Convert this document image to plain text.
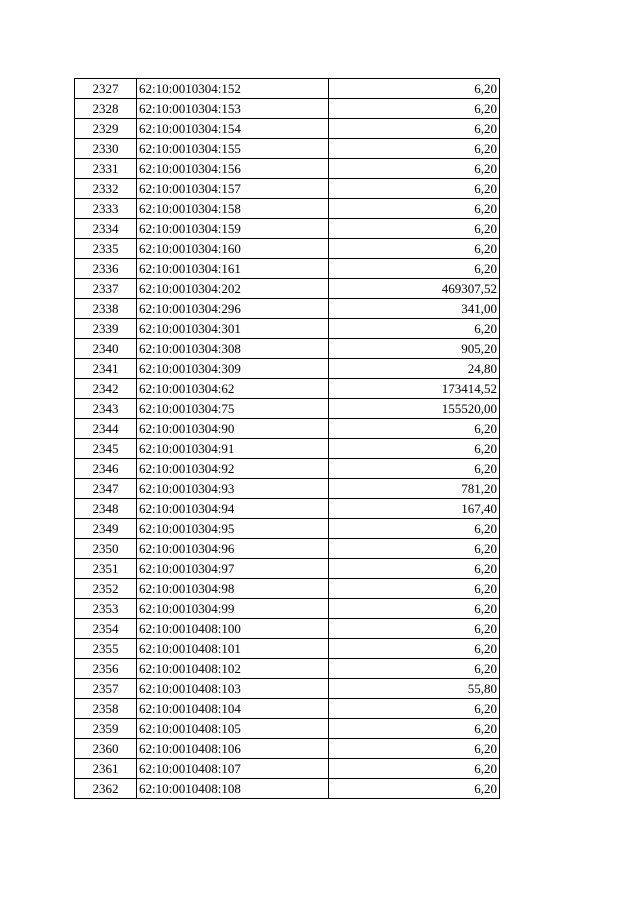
2327	62:10:0010304:152	6,20
2328	62:10:0010304:153	6,20
2329	62:10:0010304:154	6,20
2330	62:10:0010304:155	6,20
2331	62:10:0010304:156	6,20
2332	62:10:0010304:157	6,20
2333	62:10:0010304:158	6,20
2334	62:10:0010304:159	6,20
2335	62:10:0010304:160	6,20
2336	62:10:0010304:161	6,20
2337	62:10:0010304:202	469307,52
2338	62:10:0010304:296	341,00
2339	62:10:0010304:301	6,20
2340	62:10:0010304:308	905,20
2341	62:10:0010304:309	24,80
2342	62:10:0010304:62	173414,52
2343	62:10:0010304:75	155520,00
2344	62:10:0010304:90	6,20
2345	62:10:0010304:91	6,20
2346	62:10:0010304:92	6,20
2347	62:10:0010304:93	781,20
2348	62:10:0010304:94	167,40
2349	62:10:0010304:95	6,20
2350	62:10:0010304:96	6,20
2351	62:10:0010304:97	6,20
2352	62:10:0010304:98	6,20
2353	62:10:0010304:99	6,20
2354	62:10:0010408:100	6,20
2355	62:10:0010408:101	6,20
2356	62:10:0010408:102	6,20
2357	62:10:0010408:103	55,80
2358	62:10:0010408:104	6,20
2359	62:10:0010408:105	6,20
2360	62:10:0010408:106	6,20
2361	62:10:0010408:107	6,20
2362	62:10:0010408:108	6,20
